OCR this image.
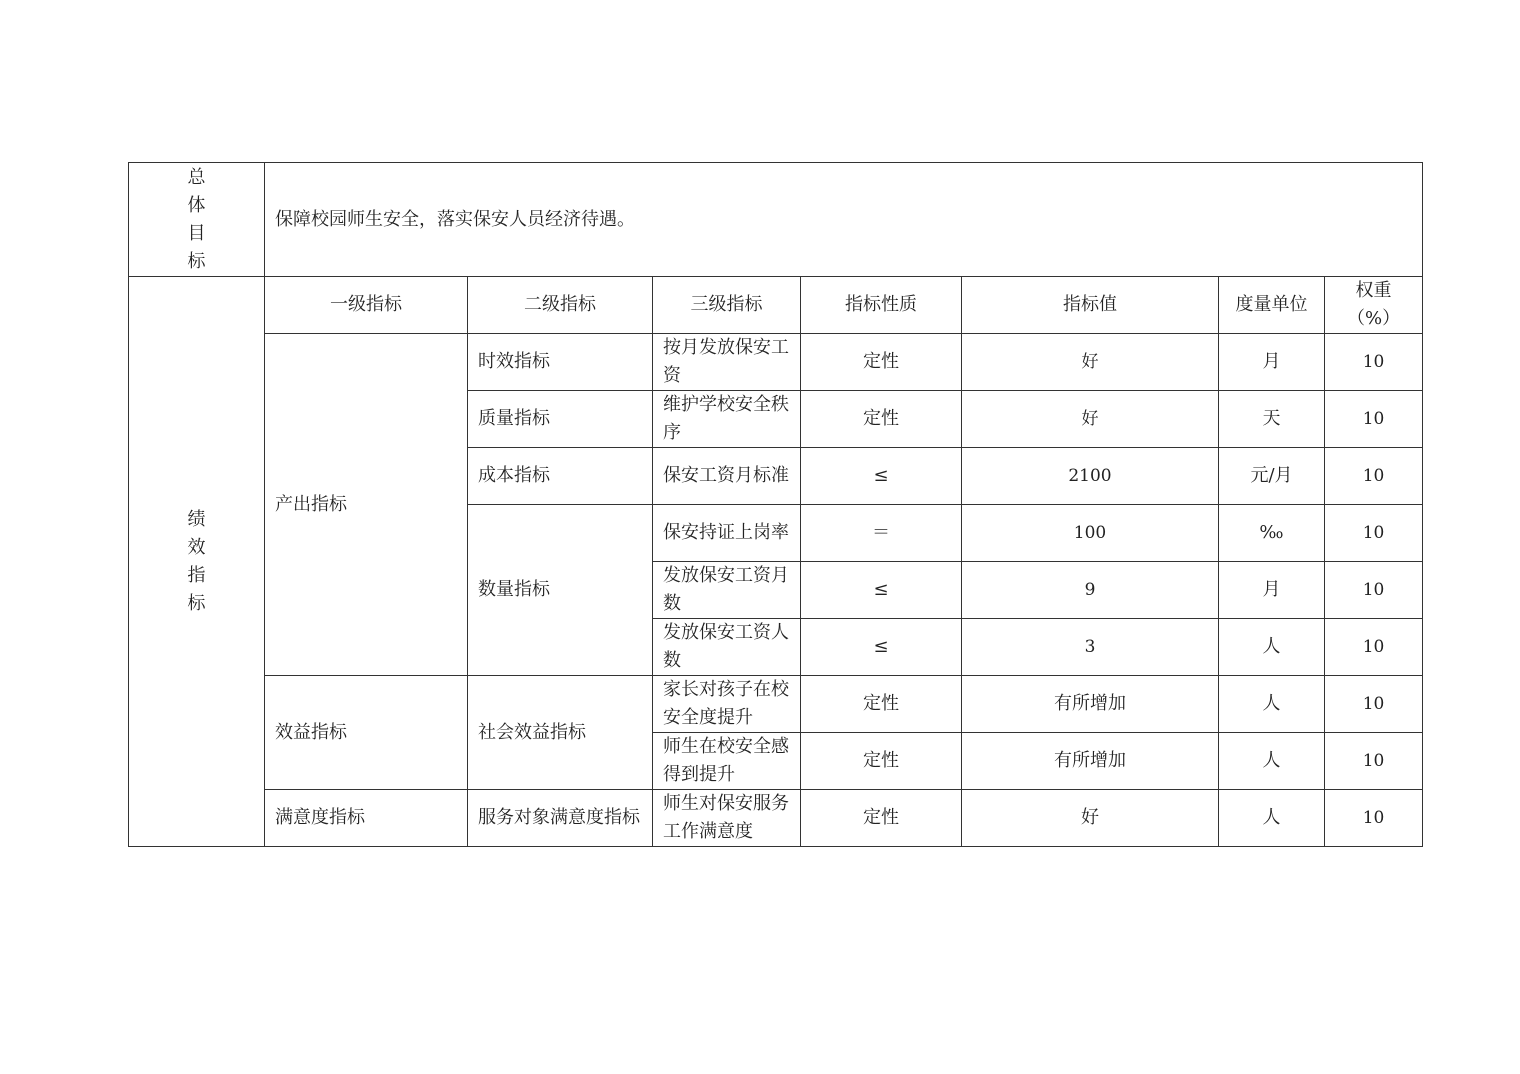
总
体
目
标	保障校园师生安全，落实保安人员经济待遇。						

绩
效
指
标	一级指标	二级指标	三级指标	指标性质	指标值	度量单位	权重（%）
	产出指标	时效指标	按月发放保安工资	定性	好	月	10
		质量指标	维护学校安全秩序	定性	好	天	10
		成本指标	保安工资月标准	≤	2100	元/月	10
		数量指标	保安持证上岗率	＝	100	‰	10
			发放保安工资月数	≤	9	月	10
			发放保安工资人数	≤	3	人	10
	效益指标	社会效益指标	家长对孩子在校安全度提升	定性	有所增加	人	10
			师生在校安全感得到提升	定性	有所增加	人	10
	满意度指标	服务对象满意度指标	师生对保安服务工作满意度	定性	好	人	10
